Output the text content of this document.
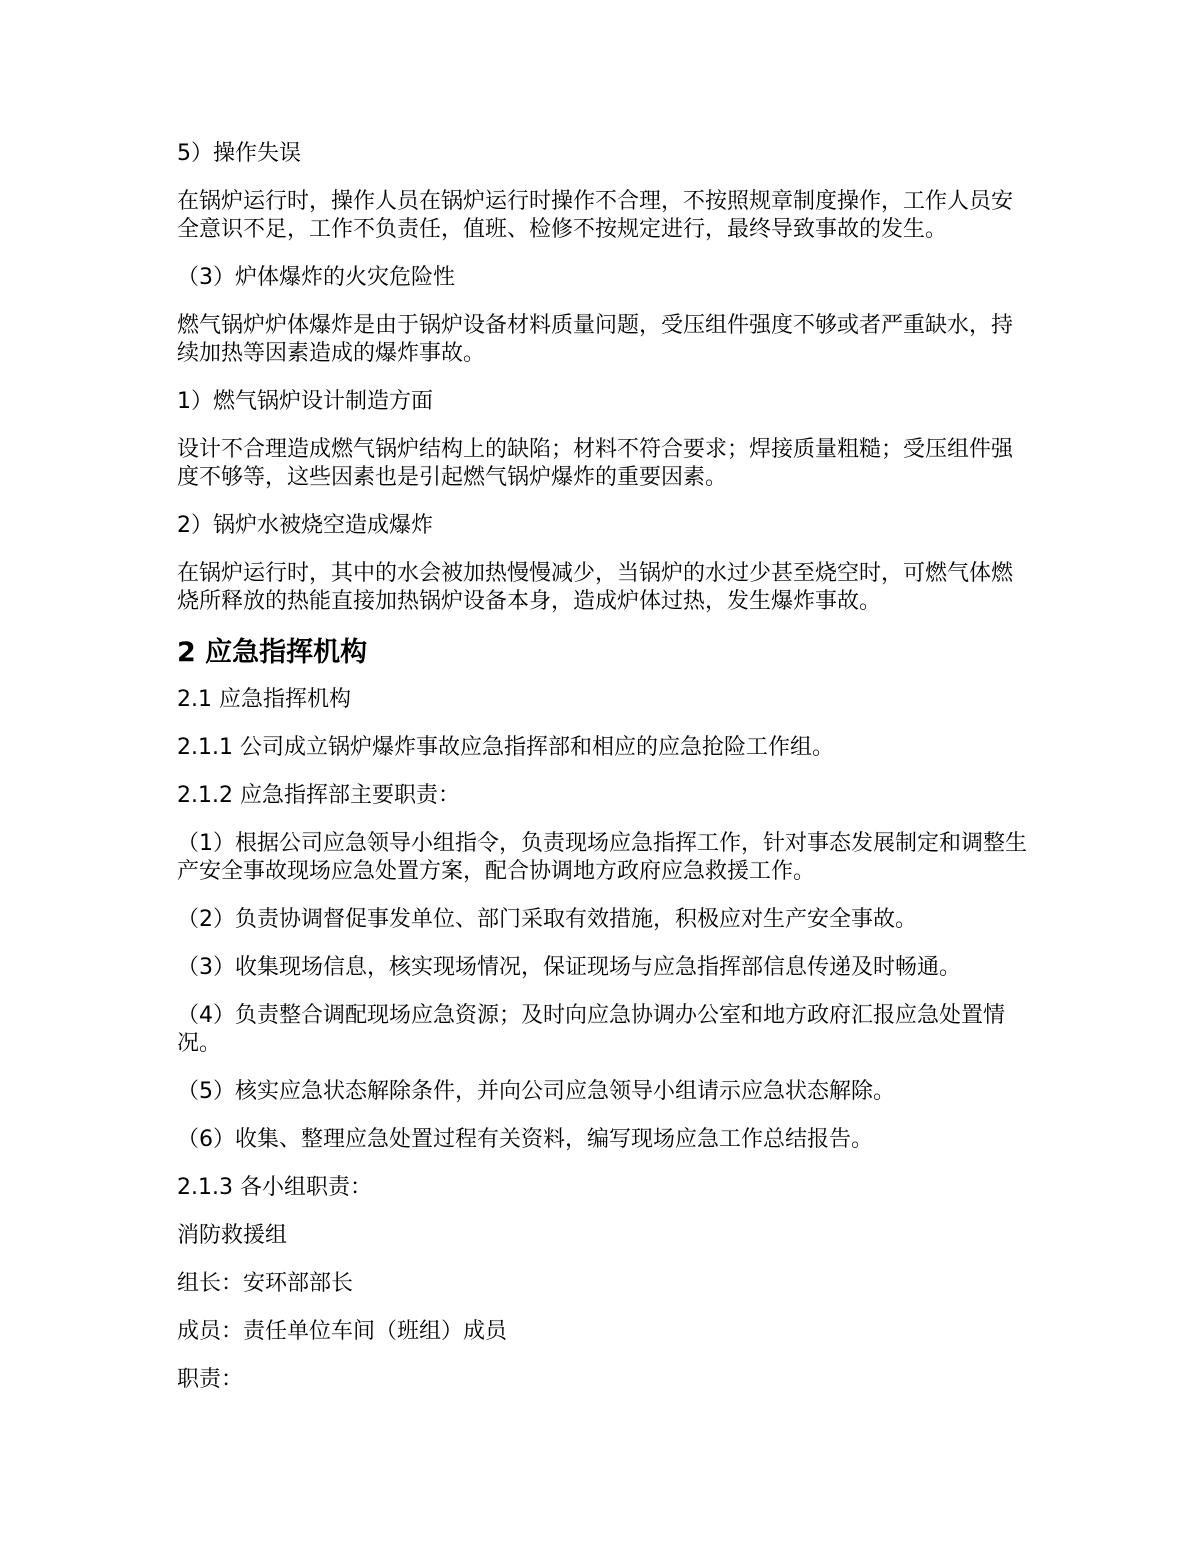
5）操作失误

在锅炉运行时，操作人员在锅炉运行时操作不合理，不按照规章制度操作，工作人员安全意识不足，工作不负责任，值班、检修不按规定进行，最终导致事故的发生。

（3）炉体爆炸的火灾危险性

燃气锅炉炉体爆炸是由于锅炉设备材料质量问题，受压组件强度不够或者严重缺水，持续加热等因素造成的爆炸事故。

1）燃气锅炉设计制造方面

设计不合理造成燃气锅炉结构上的缺陷；材料不符合要求；焊接质量粗糙；受压组件强度不够等，这些因素也是引起燃气锅炉爆炸的重要因素。

2）锅炉水被烧空造成爆炸

在锅炉运行时，其中的水会被加热慢慢减少，当锅炉的水过少甚至烧空时，可燃气体燃烧所释放的热能直接加热锅炉设备本身，造成炉体过热，发生爆炸事故。

2 应急指挥机构

2.1 应急指挥机构

2.1.1 公司成立锅炉爆炸事故应急指挥部和相应的应急抢险工作组。

2.1.2 应急指挥部主要职责：

（1）根据公司应急领导小组指令，负责现场应急指挥工作，针对事态发展制定和调整生产安全事故现场应急处置方案，配合协调地方政府应急救援工作。

（2）负责协调督促事发单位、部门采取有效措施，积极应对生产安全事故。

（3）收集现场信息，核实现场情况，保证现场与应急指挥部信息传递及时畅通。

（4）负责整合调配现场应急资源；及时向应急协调办公室和地方政府汇报应急处置情况。

（5）核实应急状态解除条件，并向公司应急领导小组请示应急状态解除。

（6）收集、整理应急处置过程有关资料，编写现场应急工作总结报告。

2.1.3 各小组职责：

消防救援组

组长：安环部部长

成员：责任单位车间（班组）成员

职责：
